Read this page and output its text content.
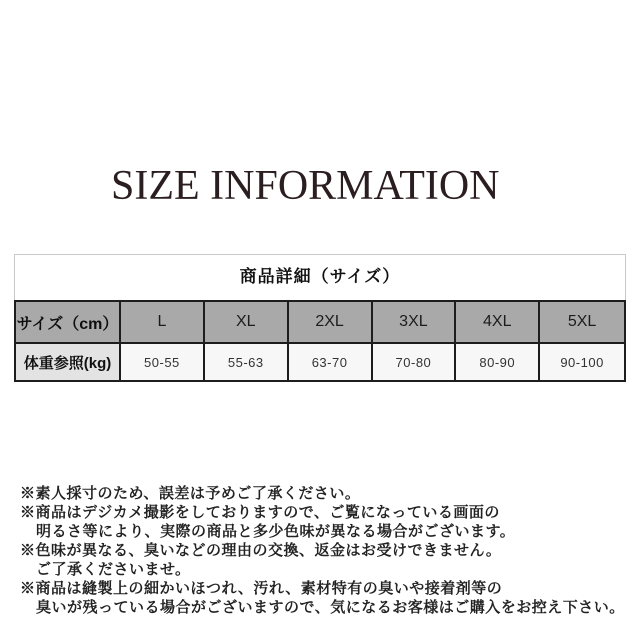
SIZE INFORMATION
商品詳細（サイズ）
サイズ（cm）	L	XL	2XL	3XL	4XL	5XL
体重参照(kg)	50-55	55-63	63-70	70-80	80-90	90-100
※素人採寸のため、誤差は予めご了承ください。
※商品はデジカメ撮影をしておりますので、ご覧になっている画面の
明るさ等により、実際の商品と多少色味が異なる場合がございます。
※色味が異なる、臭いなどの理由の交換、返金はお受けできません。
ご了承くださいませ。
※商品は縫製上の細かいほつれ、汚れ、素材特有の臭いや接着剤等の
臭いが残っている場合がございますので、気になるお客様はご購入をお控え下さい。
